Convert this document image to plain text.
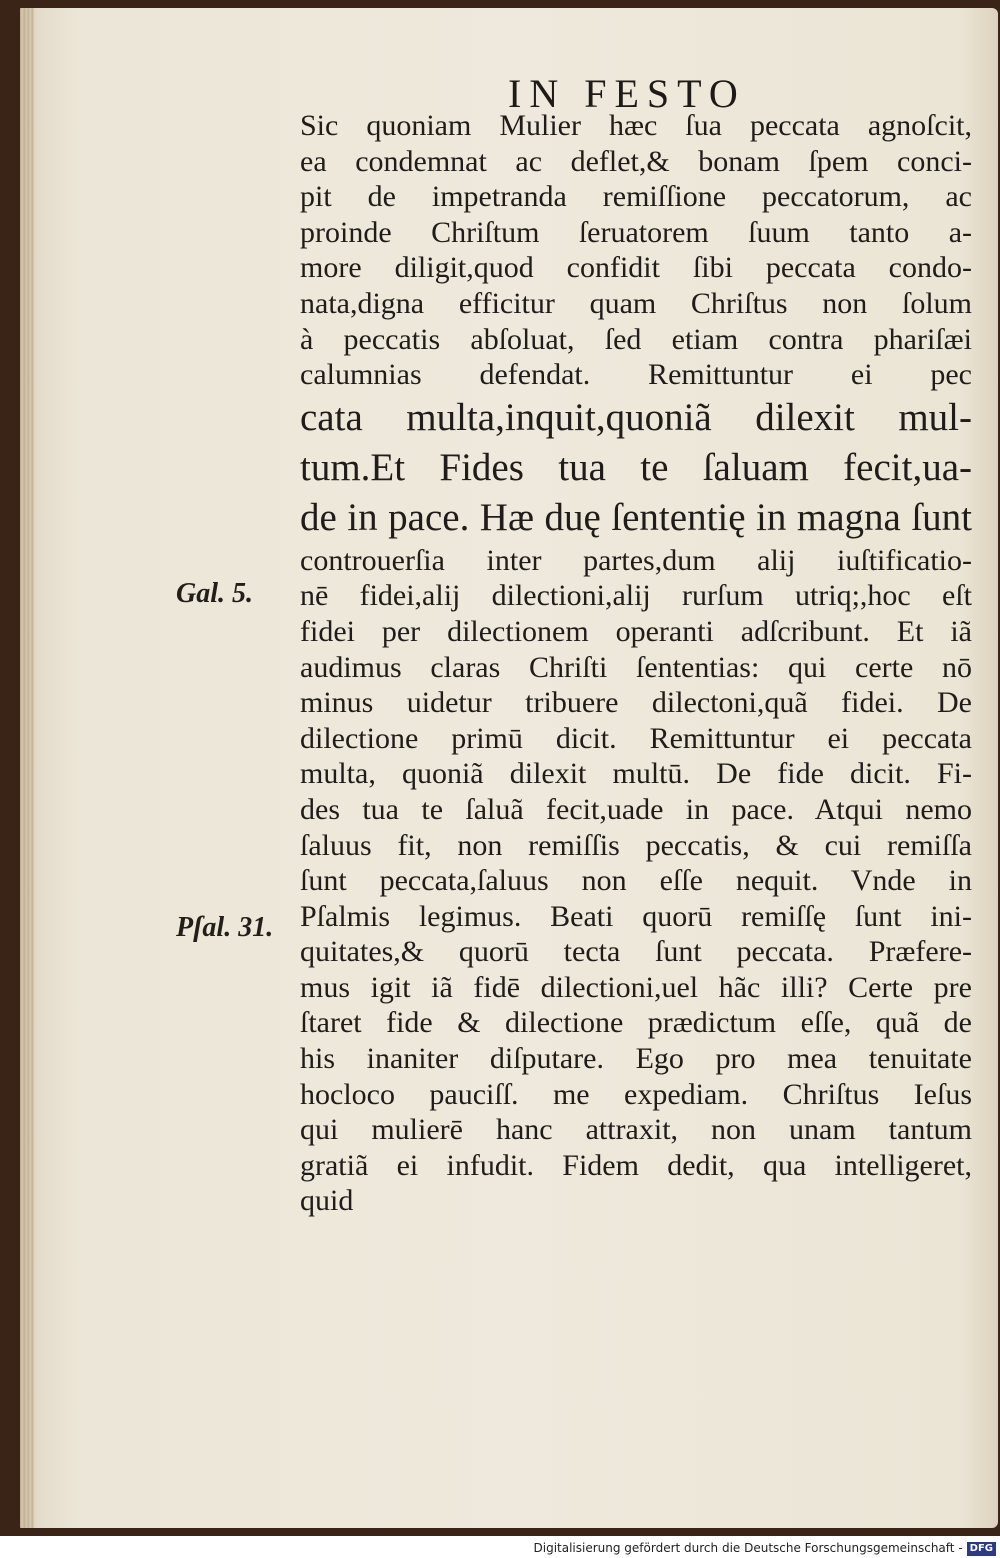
IN FESTO
Sic quoniam Mulier hæc ſua peccata agnoſcit,
ea condemnat ac deflet,& bonam ſpem conci-
pit de impetranda remiſſione peccatorum, ac
proinde Chriſtum ſeruatorem ſuum tanto a-
more diligit,quod confidit ſibi peccata condo-
nata,digna efficitur quam Chriſtus non ſolum
à peccatis abſoluat, ſed etiam contra phariſæi
calumnias defendat. Remittuntur ei pec
cata multa,inquit,quoniã dilexit mul-
tum.Et Fides tua te ſaluam fecit,ua-
de in pace. Hæ duę ſententię in magna ſunt
controuerſia inter partes,dum alij iuſtificatio-
nē fidei,alij dilectioni,alij rurſum utriq;,hoc eſt
fidei per dilectionem operanti adſcribunt. Et iã
audimus claras Chriſti ſententias: qui certe nō
minus uidetur tribuere dilectoni,quã fidei. De
dilectione primū dicit. Remittuntur ei peccata
multa, quoniã dilexit multū. De fide dicit. Fi-
des tua te ſaluã fecit,uade in pace. Atqui nemo
ſaluus fit, non remiſſis peccatis, & cui remiſſa
ſunt peccata,ſaluus non eſſe nequit. Vnde in
Pſalmis legimus. Beati quorū remiſſę ſunt ini-
quitates,& quorū tecta ſunt peccata. Præfere-
mus igit iã fidē dilectioni,uel hãc illi? Certe pre
ſtaret fide & dilectione prædictum eſſe, quã de
his inaniter diſputare. Ego pro mea tenuitate
hocloco pauciſſ. me expediam. Chriſtus Ieſus
qui mulierē hanc attraxit, non unam tantum
gratiã ei infudit. Fidem dedit, qua intelligeret,
quid
Gal. 5.
Pſal. 31.
Digitalisierung gefördert durch die Deutsche Forschungsgemeinschaft - DFG
